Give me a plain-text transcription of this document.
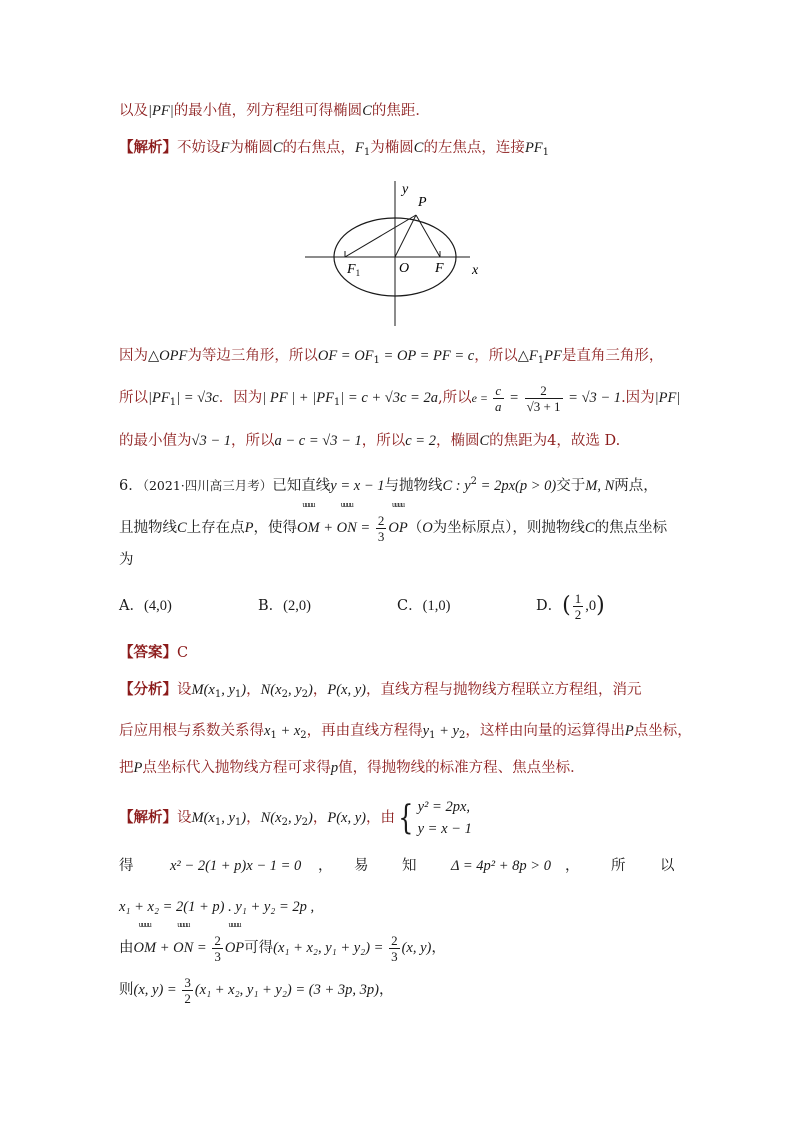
以及|PF|的最小值，列方程组可得椭圆C的焦距．
【解析】不妨设F为椭圆C的右焦点，$F_1$为椭圆C的左焦点，连接$PF_1$
y
P
$F_1$	O F x
因为△OPF为等边三角形，所以OF = $OF_1$ = OP = PF = c，所以$\triangle F_1PF$是直角三角形，
所以$|PF_1| = √3c$．因为| PF | + $|PF_1| = c + √3c = 2a$,所以$e = \frac{c}{a} = \frac{2}{√3 + 1} = √3 - 1$.因为|PF|
的最小值为√3 − 1，所以a − c = √3 − 1，所以c = 2，椭圆C的焦距为4，故选 D.
6．（2021·四川高三月考）已知直线y = x − 1与抛物线C : $y^2 = 2px(p > 0)$交于M, N两点，
且抛物线C上存在点P，使得
uuuu
OM +
uuuu
ON = $\frac{2}{3}$
uuuu
OP（O为坐标原点），则抛物线C的焦点坐标
为
A．(4,0)	B．(2,0)	C．(1,0)	D．( $\frac{1}{2} ,0$)
【答案】C
【分析】设$M(x_1$, $y_1$)，$N(x_2$, $y_2$)，P(x, y)，直线方程与抛物线方程联立方程组，消元
后应用根与系数关系得$x_1 + x_2$，再由直线方程得$y_1 + y_2$，这样由向量的运算得出P点坐标，
把P点坐标代入抛物线方程可求得p值，得抛物线的标准方程、焦点坐标．
【解析】设$M(x_1$, $y_1$)，$N(x_2$, $y_2$)，P(x, y)，由{ y² = 2px,
y = x − 1
得	x² − 2(1 + p)x − 1 = 0 ， 易 知 Δ = 4p² + 8p > 0 ， 所 以
x₁ + x₂ = 2(1 + p) . y₁ + y₂ = 2p ,
由
uuuu
OM +
uuuu
ON = $\frac{2}{3}$
uuuu
OP可得(x₁ + x₂, $y_1 + y_2) = \frac{2}{3} (x$, y)，
则(x, $y) = \frac{3}{2} (x_1 + x_2$, y₁ + y₂) = (3 + 3p, 3p)，
